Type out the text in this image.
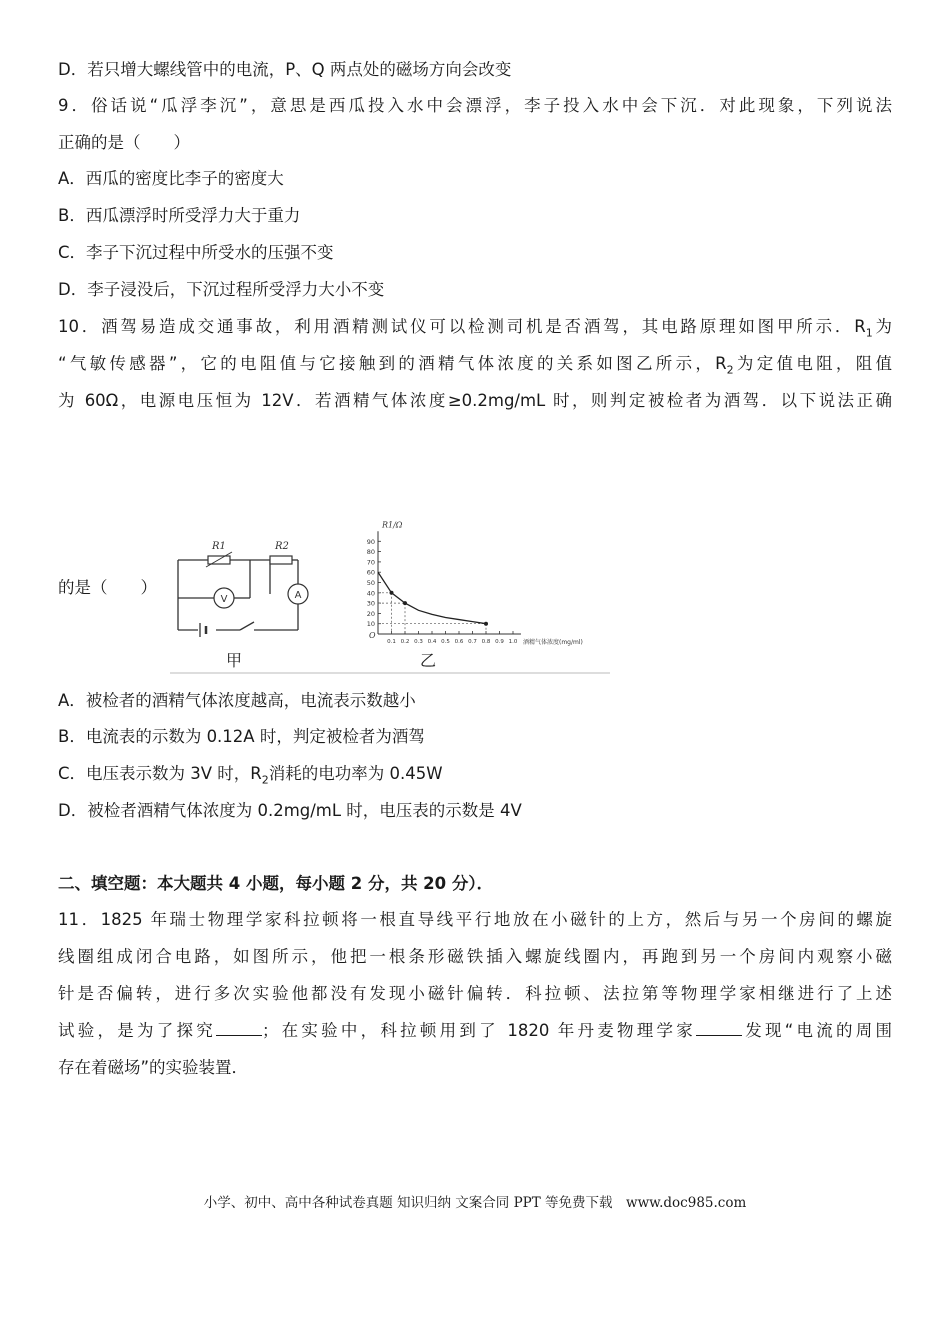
D．若只增大螺线管中的电流，P、Q 两点处的磁场方向会改变
9．俗话说“瓜浮李沉”，意思是西瓜投入水中会漂浮，李子投入水中会下沉．对此现象，下列说法
正确的是（　　）
A．西瓜的密度比李子的密度大
B．西瓜漂浮时所受浮力大于重力
C．李子下沉过程中所受水的压强不变
D．李子浸没后，下沉过程所受浮力大小不变
10．酒驾易造成交通事故，利用酒精测试仪可以检测司机是否酒驾，其电路原理如图甲所示．$R_1$为
“气敏传感器”，它的电阻值与它接触到的酒精气体浓度的关系如图乙所示，$R_2$为定值电阻，阻值
为 60Ω，电源电压恒为 12V．若酒精气体浓度≥0.2mg/mL 时，则判定被检者为酒驾．以下说法正确
的是（　　）
R1	R2
V	A
甲
R1/Ω
O
10
20
30
40
50
60
70
80
90
0.1 0.2 0.3 0.4 0.5 0.6 0.7 0.8 0.9 1.0 酒精气体浓度(mg/ml)
乙
A．被检者的酒精气体浓度越高，电流表示数越小
B．电流表的示数为 0.12A 时，判定被检者为酒驾
C．电压表示数为 3V 时，$R_2$消耗的电功率为 0.45W
D．被检者酒精气体浓度为 0.2mg/mL 时，电压表的示数是 4V
二、填空题：本大题共 4 小题，每小题 2 分，共 20 分）．
11．1825 年瑞士物理学家科拉顿将一根直导线平行地放在小磁针的上方，然后与另一个房间的螺旋
线圈组成闭合电路，如图所示，他把一根条形磁铁插入螺旋线圈内，再跑到另一个房间内观察小磁
针是否偏转，进行多次实验他都没有发现小磁针偏转．科拉顿、法拉第等物理学家相继进行了上述
试验，是为了探究	；在实验中，科拉顿用到了 1820 年丹麦物理学家	发现“电流的周围
存在着磁场”的实验装置．
小学、初中、高中各种试卷真题 知识归纳 文案合同 PPT 等免费下载　www.doc985.com
